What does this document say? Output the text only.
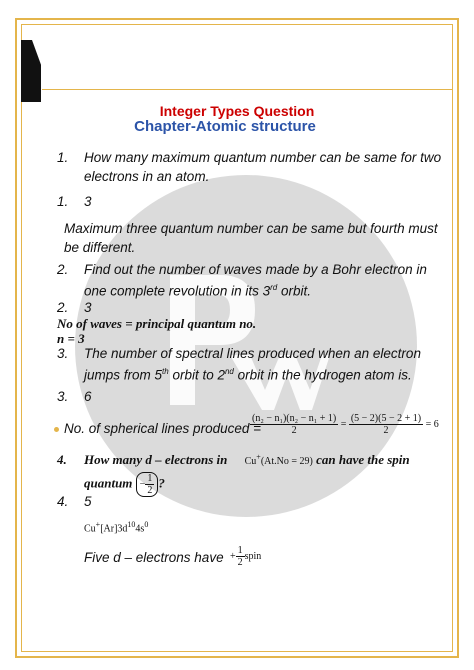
Integer Types Question
Chapter-Atomic structure
1. How many maximum quantum number can be same for two
electrons in an atom.
1. 3
Maximum three quantum number can be same but fourth must
be different.
2. Find out the number of waves made by a Bohr electron in
one complete revolution in its 3rd orbit.
2. 3
No of waves = principal quantum no.
n = 3
3. The number of spectral lines produced when an electron
jumps from 5th orbit to 2nd orbit in the hydrogen atom is.
3. 6
No. of spherical lines produced =
$\frac{\text{(n₂ − n₁)(n₂ − n₁ + 1)}}{2} = \frac{(5 - 2)(5 - 2 + 1)}{2} = 6$
4. How many d – electrons in Cu+(At.No = 29) can have the spin
quantum − $\frac{1}{2}$ ?
4. 5
$Cu^+[Ar]3d^{10}4s^0$
Five d – electrons have + $\frac{1}{2}$ spin
